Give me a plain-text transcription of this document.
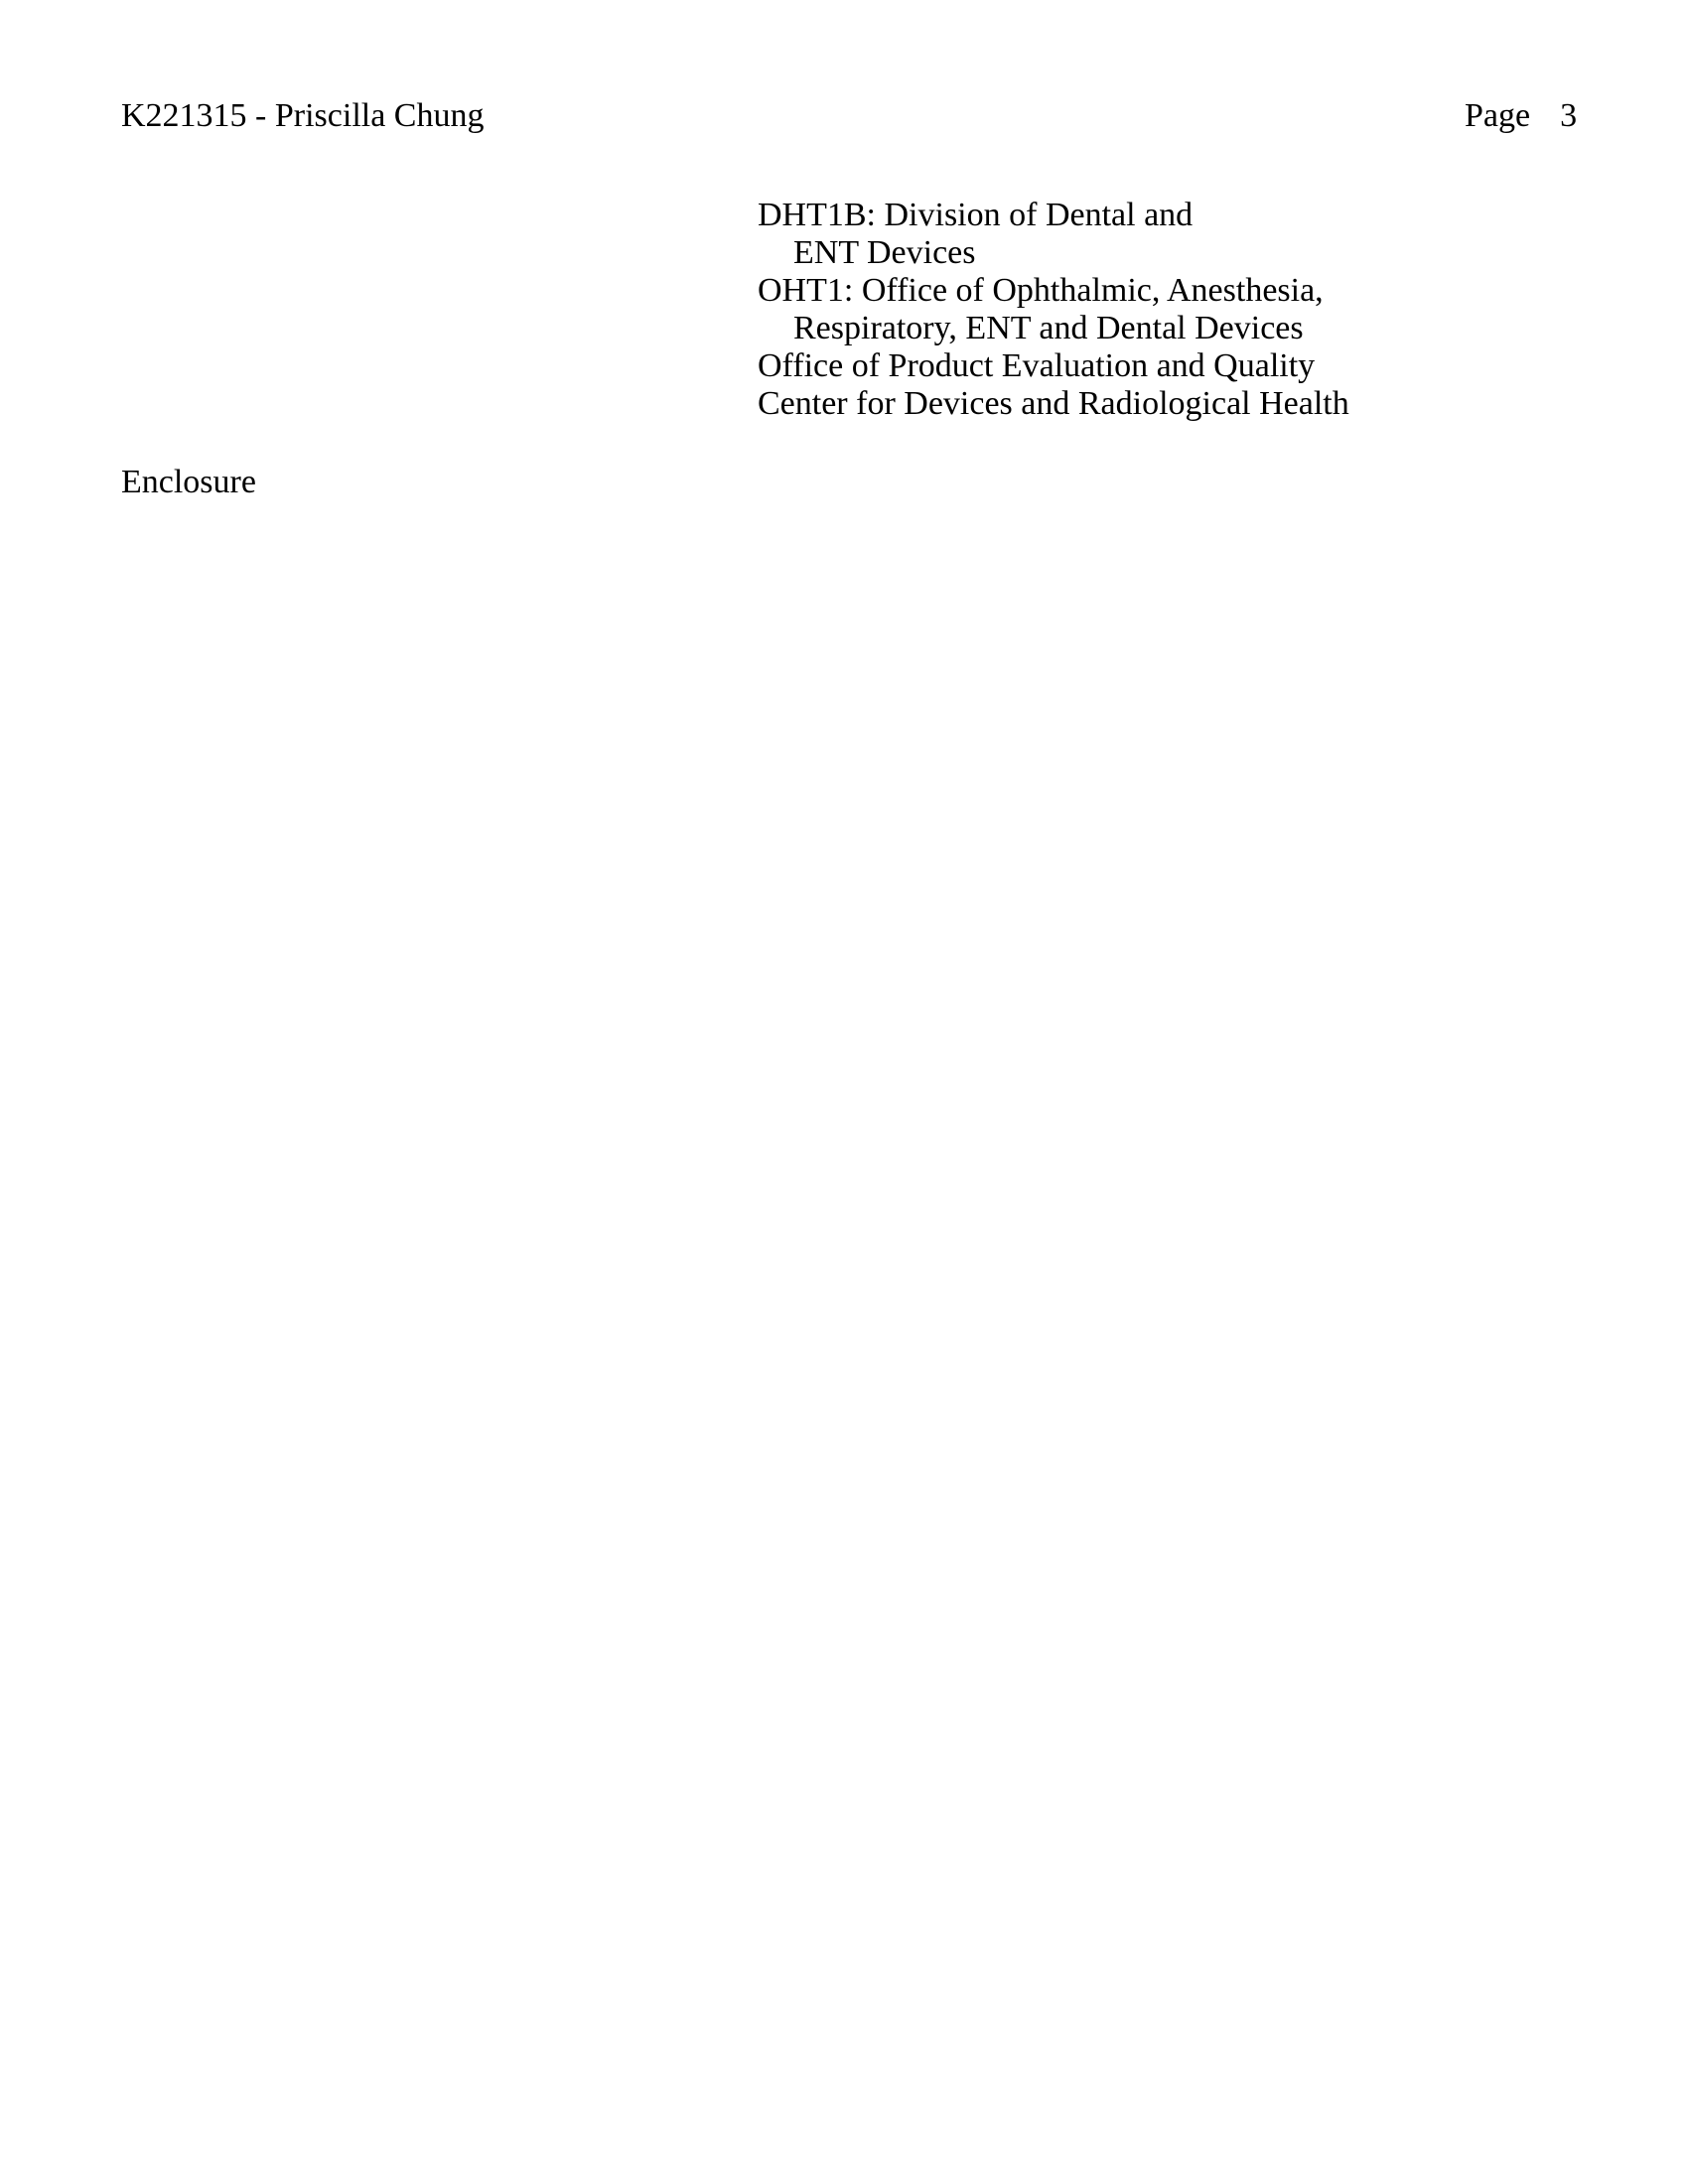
K221315 - Priscilla Chung	Page 3
DHT1B: Division of Dental and
ENT Devices
OHT1: Office of Ophthalmic, Anesthesia,
Respiratory, ENT and Dental Devices
Office of Product Evaluation and Quality
Center for Devices and Radiological Health
Enclosure
